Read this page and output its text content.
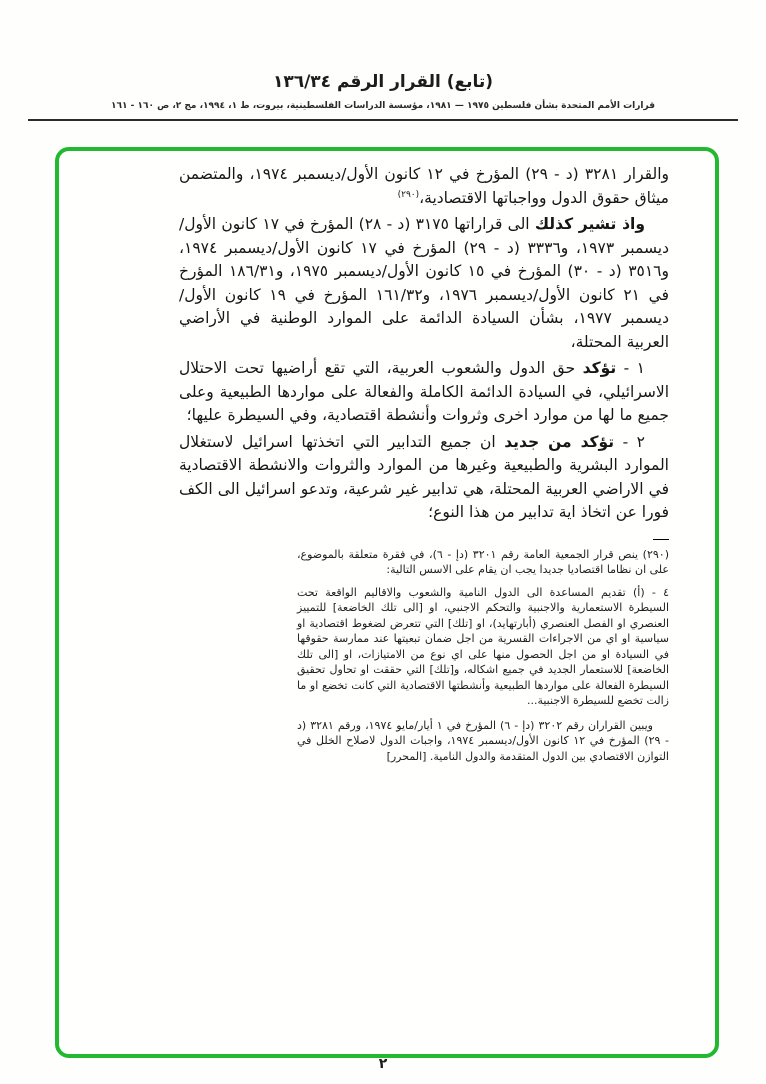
(تابع) القرار الرقم ١٣٦/٣٤
قرارات الأمم المتحدة بشأن فلسطين ١٩٧٥ — ١٩٨١، مؤسسة الدراسات الفلسطينية، بيروت، ط ١، ١٩٩٤، مج ٢، ص ١٦٠ - ١٦١

والقرار ٣٢٨١ (د - ٢٩) المؤرخ في ١٢ كانون الأول/ديسمبر ١٩٧٤، والمتضمن ميثاق حقوق الدول وواجباتها الاقتصادية،$^{(٢٩٠)}$

واذ تشير كذلك الى قراراتها ٣١٧٥ (د - ٢٨) المؤرخ في ١٧ كانون الأول/ديسمبر ١٩٧٣، و٣٣٣٦ (د - ٢٩) المؤرخ في ١٧ كانون الأول/ديسمبر ١٩٧٤، و٣٥١٦ (د - ٣٠) المؤرخ في ١٥ كانون الأول/ديسمبر ١٩٧٥، و١٨٦/٣١ المؤرخ في ٢١ كانون الأول/ديسمبر ١٩٧٦، و١٦١/٣٢ المؤرخ في ١٩ كانون الأول/ديسمبر ١٩٧٧، بشأن السيادة الدائمة على الموارد الوطنية في الأراضي العربية المحتلة،

١ - تؤكد حق الدول والشعوب العربية، التي تقع أراضيها تحت الاحتلال الاسرائيلي، في السيادة الدائمة الكاملة والفعالة على مواردها الطبيعية وعلى جميع ما لها من موارد اخرى وثروات وأنشطة اقتصادية، وفي السيطرة عليها؛

٢ - تؤكد من جديد ان جميع التدابير التي اتخذتها اسرائيل لاستغلال الموارد البشرية والطبيعية وغيرها من الموارد والثروات والانشطة الاقتصادية في الاراضي العربية المحتلة، هي تدابير غير شرعية، وتدعو اسرائيل الى الكف فورا عن اتخاذ اية تدابير من هذا النوع؛

(٢٩٠) ينص قرار الجمعية العامة رقم ٣٢٠١ (دإ - ٦)، في فقرة متعلقة بالموضوع، على ان نظاما اقتصاديا جديدا يجب ان يقام على الاسس التالية:

٤ - (أ) تقديم المساعدة الى الدول النامية والشعوب والاقاليم الواقعة تحت السيطرة الاستعمارية والاجنبية والتحكم الاجنبي، او [الى تلك الخاضعة] للتمييز العنصري او الفصل العنصري (أبارتهايد)، او [تلك] التي تتعرض لضغوط اقتصادية او سياسية او اي من الاجراءات القسرية من اجل ضمان تبعيتها عند ممارسة حقوقها في السيادة او من اجل الحصول منها على اي نوع من الامتيازات، او [الى تلك الخاضعة] للاستعمار الجديد في جميع اشكاله، و[تلك] التي حققت او تحاول تحقيق السيطرة الفعالة على مواردها الطبيعية وأنشطتها الاقتصادية التي كانت تخضع او ما زالت تخضع للسيطرة الاجنبية...

ويبين القراران رقم ٣٢٠٢ (دإ - ٦) المؤرخ في ١ أيار/مايو ١٩٧٤، ورقم ٣٢٨١ (د - ٢٩) المؤرخ في ١٢ كانون الأول/ديسمبر ١٩٧٤، واجبات الدول لاصلاح الخلل في التوازن الاقتصادي بين الدول المتقدمة والدول النامية. [المحرر]

٢
